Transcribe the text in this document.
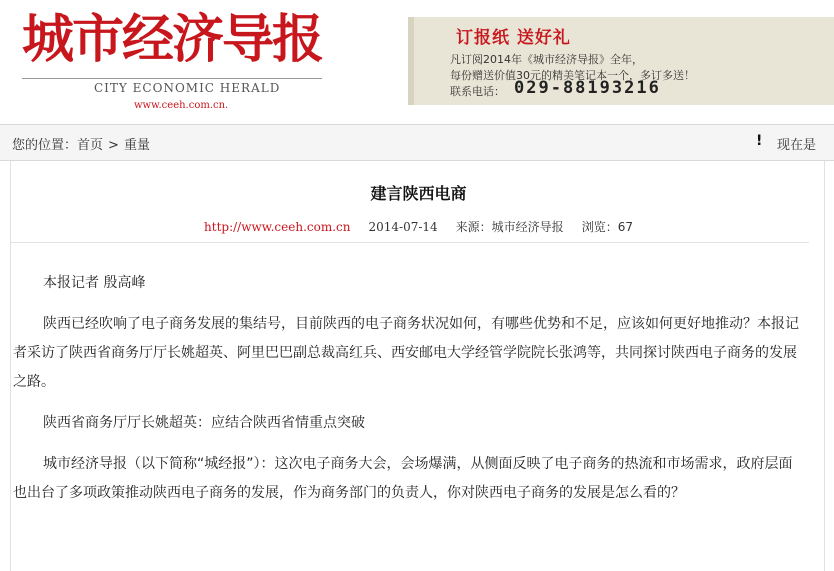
城市经济导报
CITY ECONOMIC HERALD
www.ceeh.com.cn.
订报纸 送好礼
凡订阅2014年《城市经济导报》全年，
每份赠送价值30元的精美笔记本一个，多订多送！
联系电话： 029-88193216
您的位置：首页 > 重量	! 现在是
建言陕西电商
http://www.ceeh.com.cn 2014-07-14 来源：城市经济导报 浏览：67

本报记者 殷高峰

陕西已经吹响了电子商务发展的集结号，目前陕西的电子商务状况如何，有哪些优势和不足，应该如何更好地推动？本报记者采访了陕西省商务厅厅长姚超英、阿里巴巴副总裁高红兵、西安邮电大学经管学院院长张鸿等，共同探讨陕西电子商务的发展之路。

陕西省商务厅厅长姚超英：应结合陕西省情重点突破

城市经济导报（以下简称“城经报”）：这次电子商务大会，会场爆满，从侧面反映了电子商务的热流和市场需求，政府层面也出台了多项政策推动陕西电子商务的发展，作为商务部门的负责人，你对陕西电子商务的发展是怎么看的？
